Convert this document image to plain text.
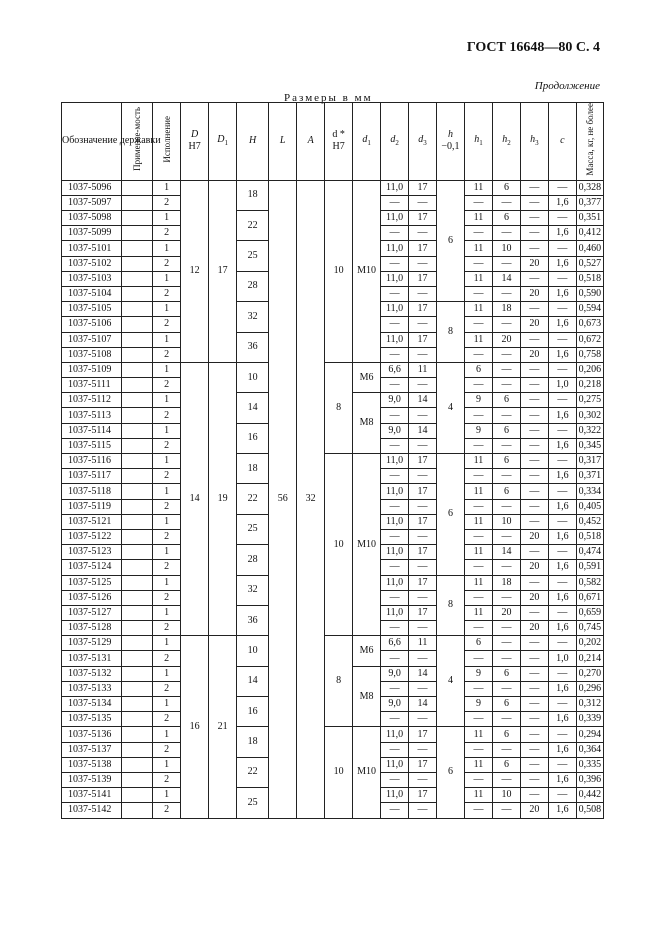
ГОСТ 16648—80 С. 4
Продолжение
Размеры в мм
Обозначение державки	Применяе-мость	Исполнение	D
H7	$D_1$	H	L	A	d *
H7	$d_1$	$d_2$	$d_3$	h
−0,1	$h_1$	$h_2$	$h_3$	c	Масса, кг, не более
1037-5096		1	12	17	18	56	32	10	M10	11,0	17	6	11	6	—	—	0,328
1037-5097		2								—	—		—	—	—	1,6	0,377
1037-5098		1			22					11,0	17		11	6	—	—	0,351
1037-5099		2								—	—		—	—	—	1,6	0,412
1037-5101		1			25					11,0	17		11	10	—	—	0,460
1037-5102		2								—	—		—	—	20	1,6	0,527
1037-5103		1			28					11,0	17		11	14	—	—	0,518
1037-5104		2								—	—		—	—	20	1,6	0,590
1037-5105		1			32					11,0	17	8	11	18	—	—	0,594
1037-5106		2								—	—		—	—	20	1,6	0,673
1037-5107		1			36					11,0	17		11	20	—	—	0,672
1037-5108		2								—	—		—	—	20	1,6	0,758
1037-5109		1	14	19	10			8	M6	6,6	11	4	6	—	—	—	0,206
1037-5111		2								—	—		—	—	—	1,0	0,218
1037-5112		1			14				M8	9,0	14		9	6	—	—	0,275
1037-5113		2								—	—		—	—	—	1,6	0,302
1037-5114		1			16					9,0	14		9	6	—	—	0,322
1037-5115		2								—	—		—	—	—	1,6	0,345
1037-5116		1			18			10	M10	11,0	17	6	11	6	—	—	0,317
1037-5117		2								—	—		—	—	—	1,6	0,371
1037-5118		1			22					11,0	17		11	6	—	—	0,334
1037-5119		2								—	—		—	—	—	1,6	0,405
1037-5121		1			25					11,0	17		11	10	—	—	0,452
1037-5122		2								—	—		—	—	20	1,6	0,518
1037-5123		1			28					11,0	17		11	14	—	—	0,474
1037-5124		2								—	—		—	—	20	1,6	0,591
1037-5125		1			32					11,0	17	8	11	18	—	—	0,582
1037-5126		2								—	—		—	—	20	1,6	0,671
1037-5127		1			36					11,0	17		11	20	—	—	0,659
1037-5128		2								—	—		—	—	20	1,6	0,745
1037-5129		1	16	21	10			8	M6	6,6	11	4	6	—	—	—	0,202
1037-5131		2								—	—		—	—	—	1,0	0,214
1037-5132		1			14				M8	9,0	14		9	6	—	—	0,270
1037-5133		2								—	—		—	—	—	1,6	0,296
1037-5134		1			16					9,0	14		9	6	—	—	0,312
1037-5135		2								—	—		—	—	—	1,6	0,339
1037-5136		1			18			10	M10	11,0	17	6	11	6	—	—	0,294
1037-5137		2								—	—		—	—	—	1,6	0,364
1037-5138		1			22					11,0	17		11	6	—	—	0,335
1037-5139		2								—	—		—	—	—	1,6	0,396
1037-5141		1			25					11,0	17		11	10	—	—	0,442
1037-5142		2								—	—		—	—	20	1,6	0,508
